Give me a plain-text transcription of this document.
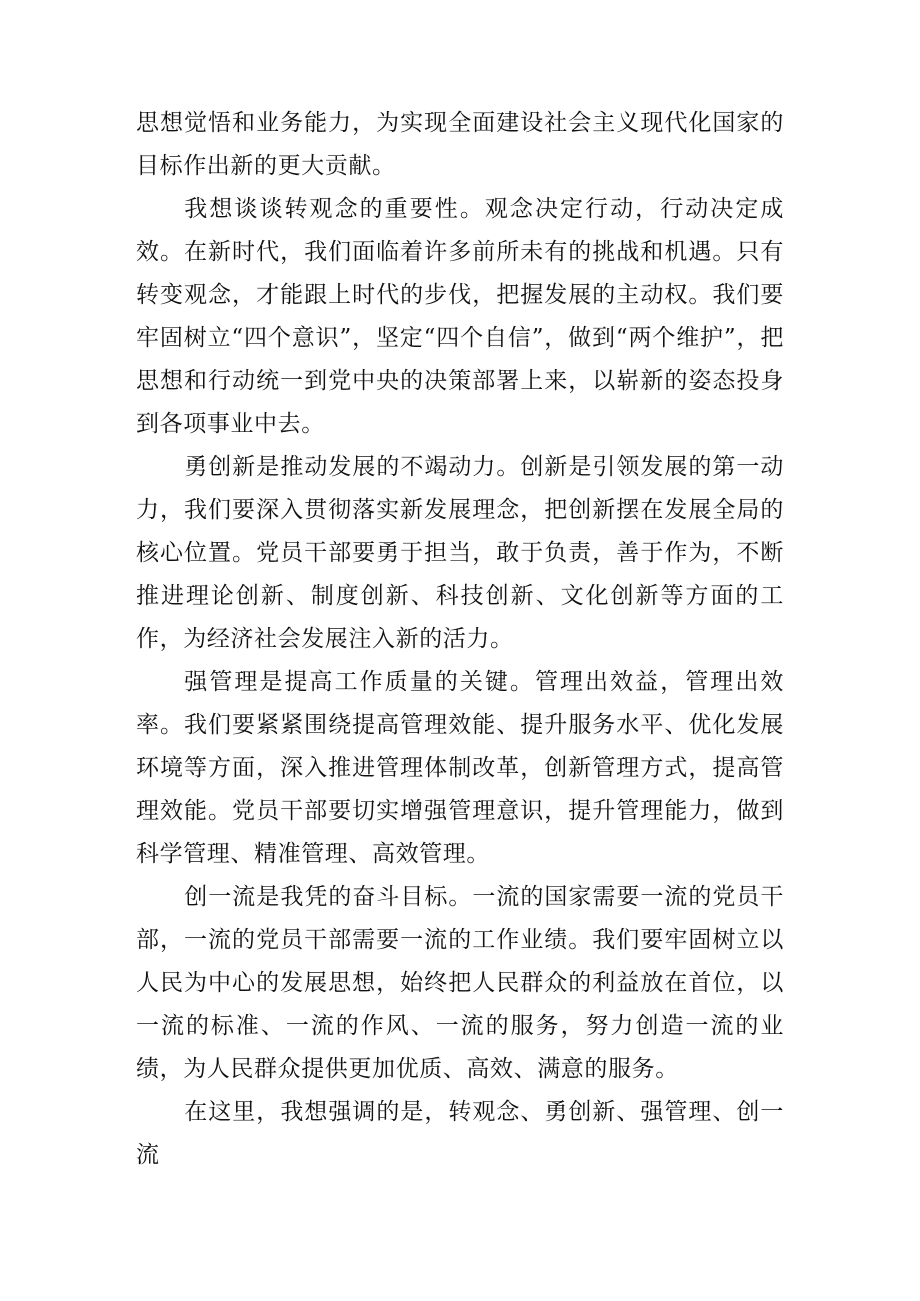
思想觉悟和业务能力，为实现全面建设社会主义现代化国家的目标作出新的更大贡献。

我想谈谈转观念的重要性。观念决定行动，行动决定成效。在新时代，我们面临着许多前所未有的挑战和机遇。只有转变观念，才能跟上时代的步伐，把握发展的主动权。我们要牢固树立“四个意识”，坚定“四个自信”，做到“两个维护”，把思想和行动统一到党中央的决策部署上来，以崭新的姿态投身到各项事业中去。

勇创新是推动发展的不竭动力。创新是引领发展的第一动力，我们要深入贯彻落实新发展理念，把创新摆在发展全局的核心位置。党员干部要勇于担当，敢于负责，善于作为，不断推进理论创新、制度创新、科技创新、文化创新等方面的工作，为经济社会发展注入新的活力。

强管理是提高工作质量的关键。管理出效益，管理出效率。我们要紧紧围绕提高管理效能、提升服务水平、优化发展环境等方面，深入推进管理体制改革，创新管理方式，提高管理效能。党员干部要切实增强管理意识，提升管理能力，做到科学管理、精准管理、高效管理。

创一流是我凭的奋斗目标。一流的国家需要一流的党员干部，一流的党员干部需要一流的工作业绩。我们要牢固树立以人民为中心的发展思想，始终把人民群众的利益放在首位，以一流的标准、一流的作风、一流的服务，努力创造一流的业绩，为人民群众提供更加优质、高效、满意的服务。

在这里，我想强调的是，转观念、勇创新、强管理、创一流
